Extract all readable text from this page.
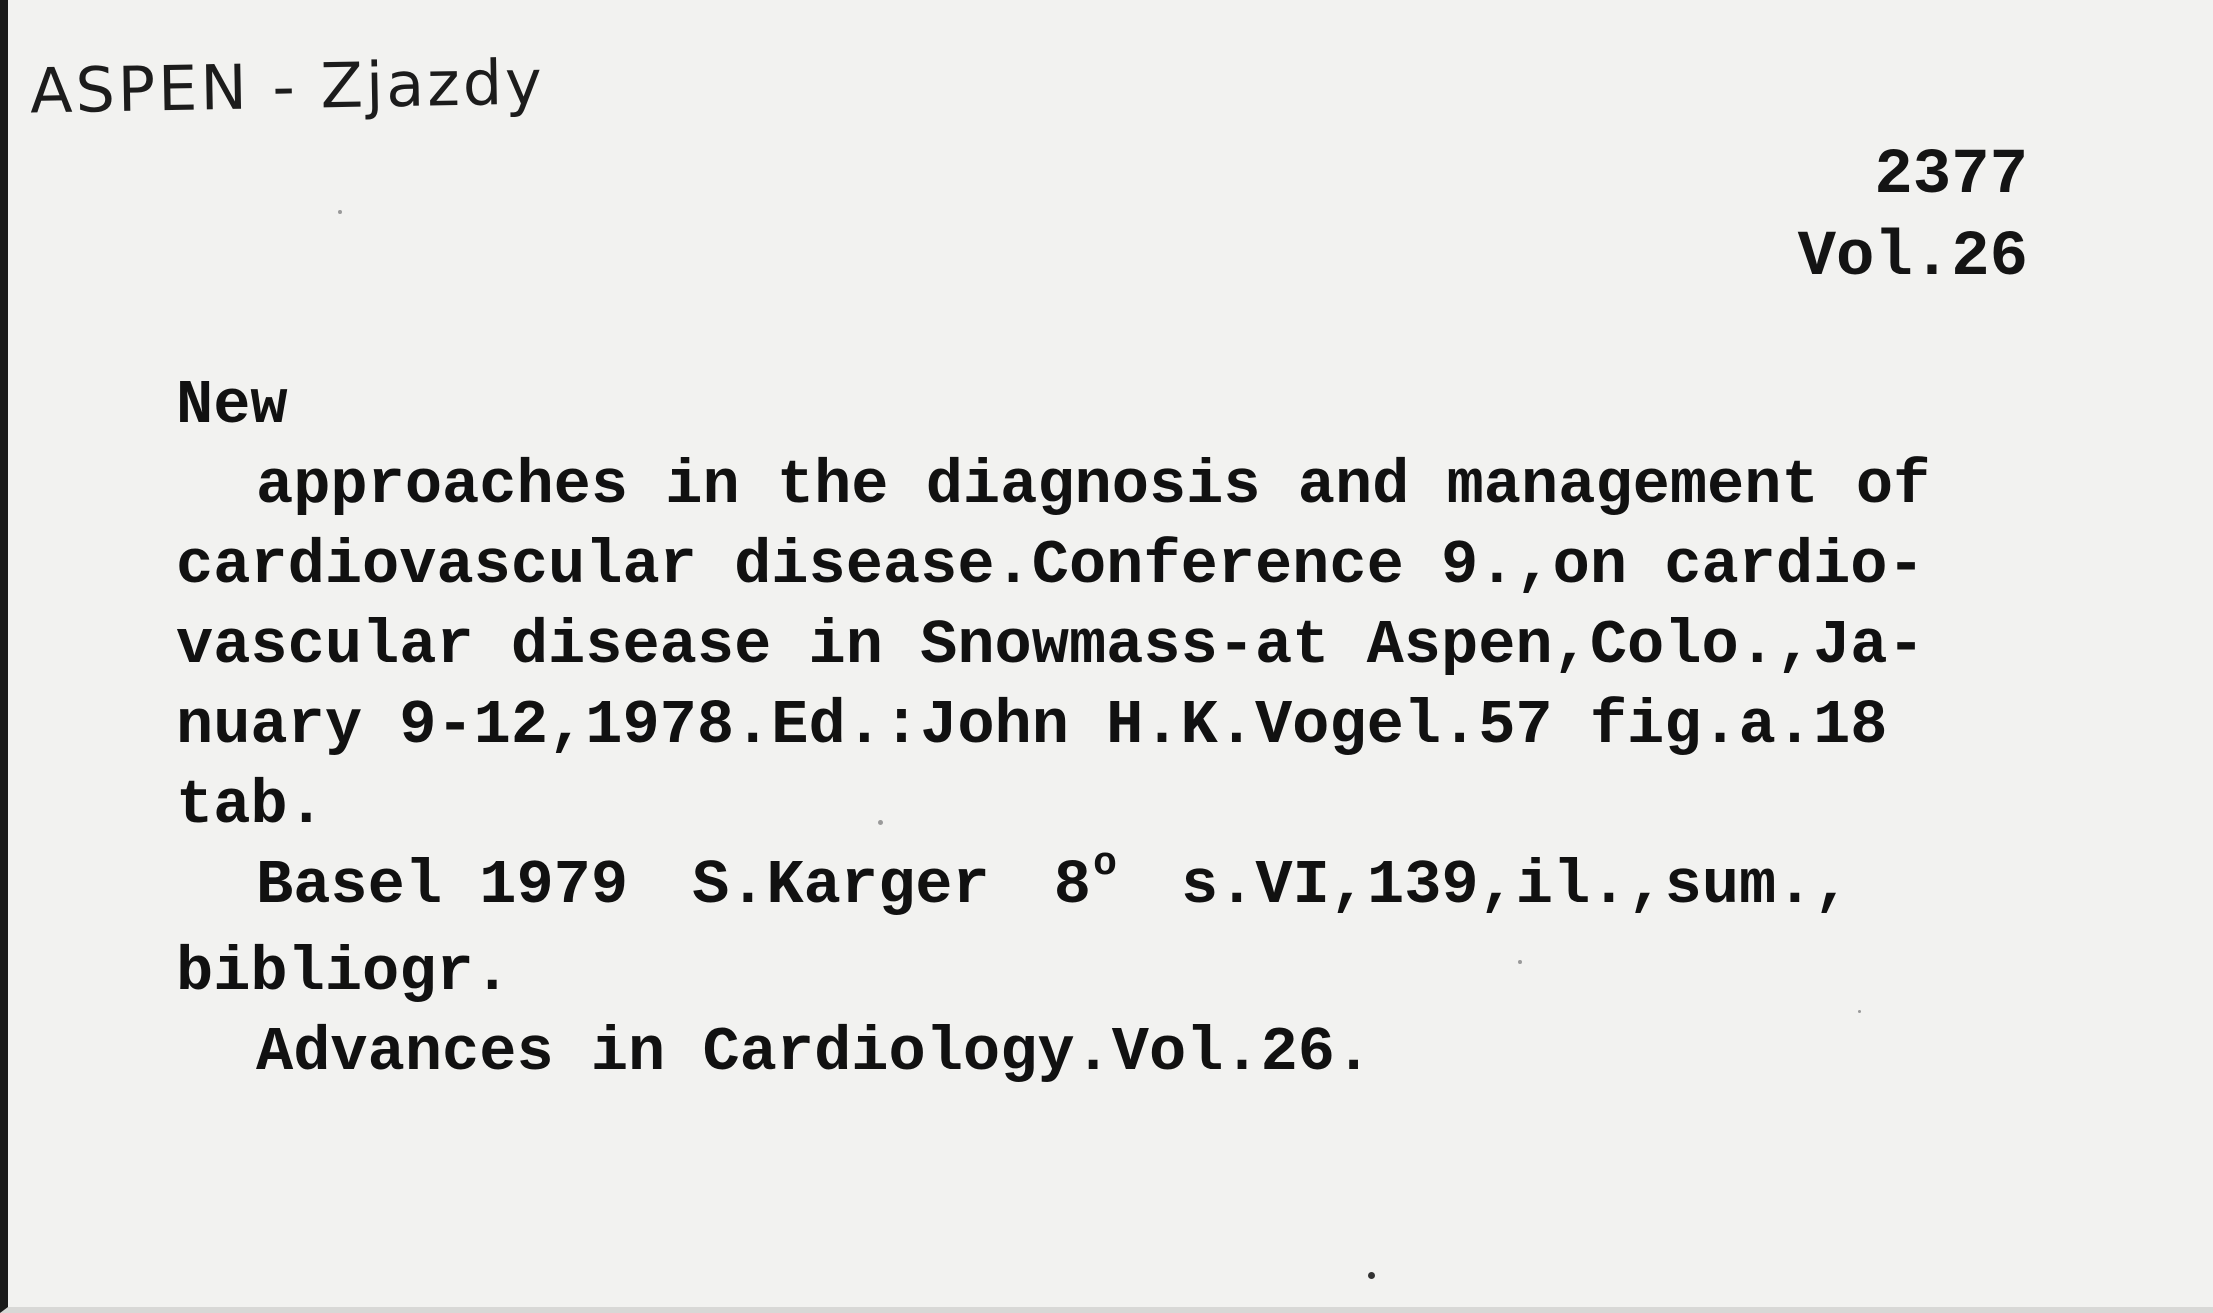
ASPEN - Zjazdy
2377
Vol.26
New
approaches in the diagnosis and management of
cardiovascular disease.Conference 9.,on cardio-
vascular disease in Snowmass-at Aspen,Colo.,Ja-
nuary 9-12,1978.Ed.:John H.K.Vogel.57 fig.a.18
tab.
Basel 1979 S.Karger 8$^o$ s.VI,139,il.,sum.,
bibliogr.
Advances in Cardiology.Vol.26.
